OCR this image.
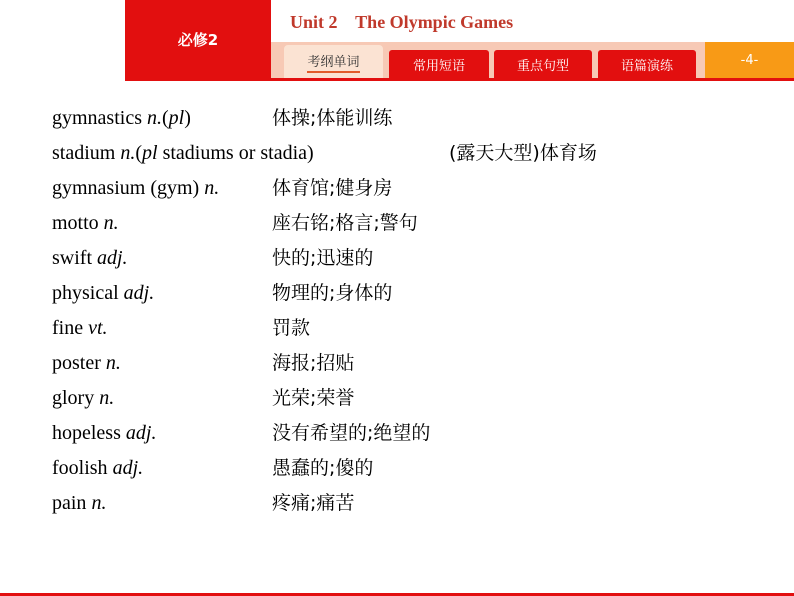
必修2
Unit 2    The Olympic Games
考纲单词	常用短语	重点句型	语篇演练	-4-
gymnastics n.(pl)	体操;体能训练
stadium n.(pl stadiums or stadia)	(露天大型)体育场
gymnasium (gym) n.	体育馆;健身房
motto n.	座右铭;格言;警句
swift adj.	快的;迅速的
physical adj.	物理的;身体的
fine vt.	罚款
poster n.	海报;招贴
glory n.	光荣;荣誉
hopeless adj.	没有希望的;绝望的
foolish adj.	愚蠢的;傻的
pain n.	疼痛;痛苦
